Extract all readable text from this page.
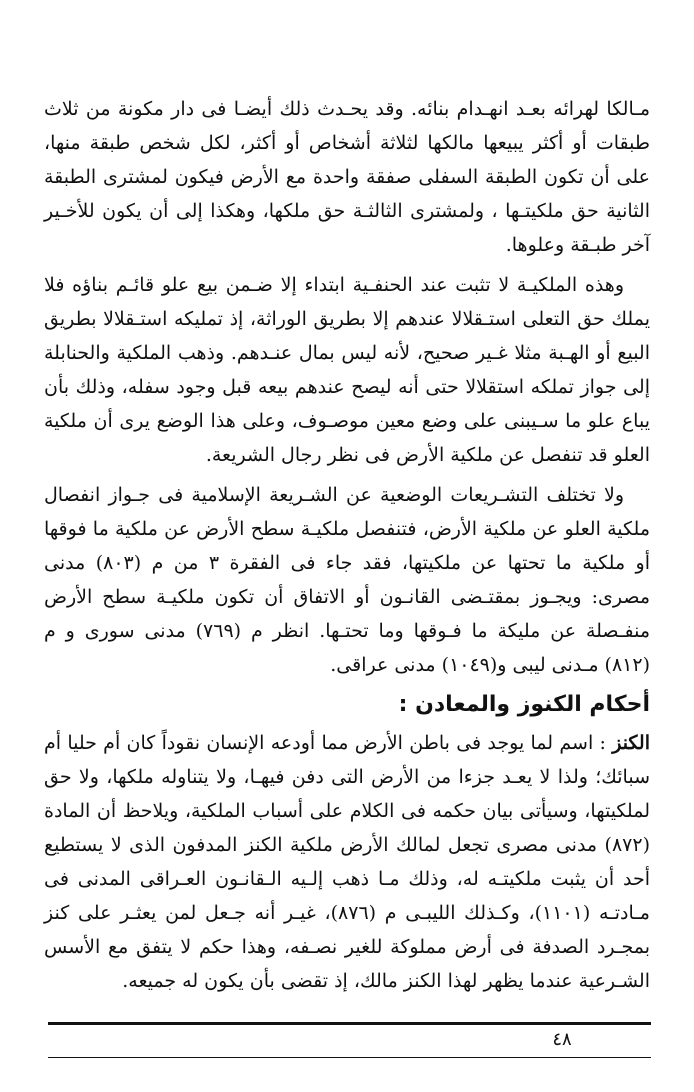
مـالكا لهرائه بعـد انهـدام بنائه. وقد يحـدث ذلك أيضـا فى دار مكونة من ثلاث طبقات أو أكثر يبيعها مالكها لثلاثة أشخاص أو أكثر، لكل شخص طبقة منها، على أن تكون الطبقة السفلى صفقة واحدة مع الأرض فيكون لمشترى الطبقة الثانية حق ملكيتـها ، ولمشترى الثالثـة حق ملكها، وهكذا إلى أن يكون للأخـير آخر طبـقة وعلوها.

وهذه الملكيـة لا تثبت عند الحنفـية ابتداء إلا ضـمن بيع علو قائـم بناؤه فلا يملك حق التعلى استـقلالا عندهم إلا بطريق الوراثة، إذ تمليكه استـقلالا بطريق البيع أو الهـبة مثلا غـير صحيح، لأنه ليس بمال عنـدهم. وذهب الملكية والحنابلة إلى جواز تملكه استقلالا حتى أنه ليصح عندهم بيعه قبل وجود سفله، وذلك بأن يباع علو ما سـيبنى على وضع معين موصـوف، وعلى هذا الوضع يرى أن ملكية العلو قد تنفصل عن ملكية الأرض فى نظر رجال الشريعة.

ولا تختلف التشـريعات الوضعية عن الشـريعة الإسلامية فى جـواز انفصال ملكية العلو عن ملكية الأرض، فتنفصل ملكيـة سطح الأرض عن ملكية ما فوقها أو ملكية ما تحتها عن ملكيتها، فقد جاء فى الفقرة ٣ من م (٨٠٣) مدنى مصرى: ويجـوز بمقتـضى القانـون أو الاتفاق أن تكون ملكيـة سطح الأرض منفـصلة عن مليكة ما فـوقها وما تحتـها. انظر م (٧٦٩) مدنى سورى و م (٨١٢) مـدنى ليبى و(١٠٤٩) مدنى عراقى.

أحكام الكنوز والمعادن :

الكنز : اسم لما يوجد فى باطن الأرض مما أودعه الإنسان نقوداً كان أم حليا أم سبائك؛ ولذا لا يعـد جزءا من الأرض التى دفن فيهـا، ولا يتناوله ملكها، ولا حق لملكيتها، وسيأتى بيان حكمه فى الكلام على أسباب الملكية، ويلاحظ أن المادة (٨٧٢) مدنى مصرى تجعل لمالك الأرض ملكية الكنز المدفون الذى لا يستطيع أحد أن يثبت ملكيتـه له، وذلك مـا ذهب إلـيه الـقانـون العـراقى المدنى فى مـادتـه (١١٠١)، وكـذلك الليبـى م (٨٧٦)، غيـر أنه جـعل لمن يعثـر على كنز بمجـرد الصدفة فى أرض مملوكة للغير نصـفه، وهذا حكم لا يتفق مع الأسس الشـرعية عندما يظهر لهذا الكنز مالك، إذ تقضى بأن يكون له جميعه.

٤٨
